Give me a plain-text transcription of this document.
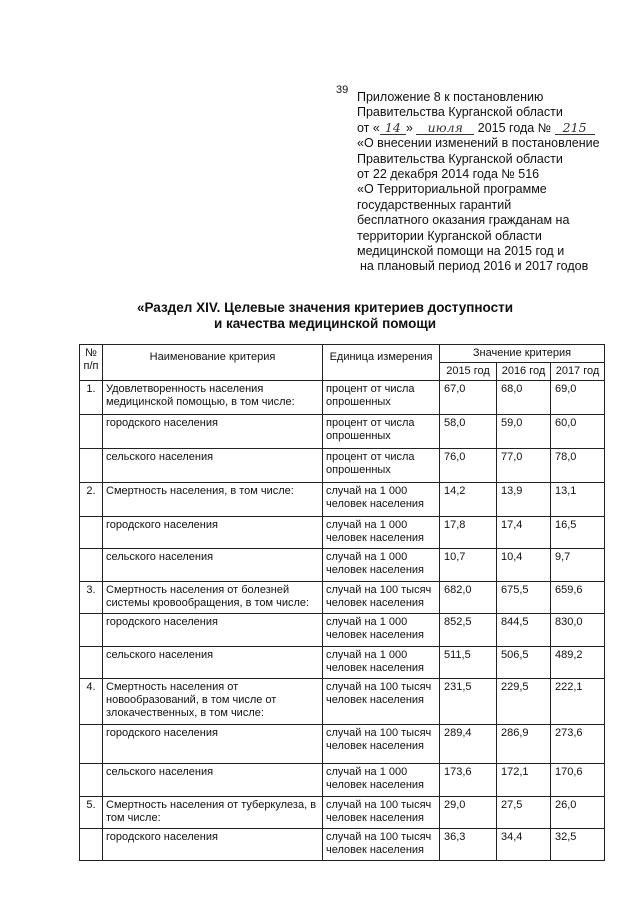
39 Приложение 8 к постановлению
Правительства Курганской области
от « 14 » июля 2015 года № 215
«О внесении изменений в постановление
Правительства Курганской области
от 22 декабря 2014 года № 516
«О Территориальной программе
государственных гарантий
бесплатного оказания гражданам на
территории Курганской области
медицинской помощи на 2015 год и
на плановый период 2016 и 2017 годов
«Раздел XIV. Целевые значения критериев доступности
и качества медицинской помощи
№ п/п	Наименование критерия	Единица измерения	Значение критерия		
			2015 год	2016 год	2017 год
1.	Удовлетворенность населения медицинской помощью, в том числе:	процент от числа опрошенных	67,0	68,0	69,0
	городского населения	процент от числа опрошенных	58,0	59,0	60,0
	сельского населения	процент от числа опрошенных	76,0	77,0	78,0
2.	Смертность населения, в том числе:	случай на 1 000 человек населения	14,2	13,9	13,1
	городского населения	случай на 1 000 человек населения	17,8	17,4	16,5
	сельского населения	случай на 1 000 человек населения	10,7	10,4	9,7
3.	Смертность населения от болезней системы кровообращения, в том числе:	случай на 100 тысяч человек населения	682,0	675,5	659,6
	городского населения	случай на 1 000 человек населения	852,5	844,5	830,0
	сельского населения	случай на 1 000 человек населения	511,5	506,5	489,2
4.	Смертность населения от новообразований, в том числе от злокачественных, в том числе:	случай на 100 тысяч человек населения	231,5	229,5	222,1
	городского населения	случай на 100 тысяч человек населения	289,4	286,9	273,6
	сельского населения	случай на 1 000 человек населения	173,6	172,1	170,6
5.	Смертность населения от туберкулеза, в том числе:	случай на 100 тысяч человек населения	29,0	27,5	26,0
	городского населения	случай на 100 тысяч человек населения	36,3	34,4	32,5
